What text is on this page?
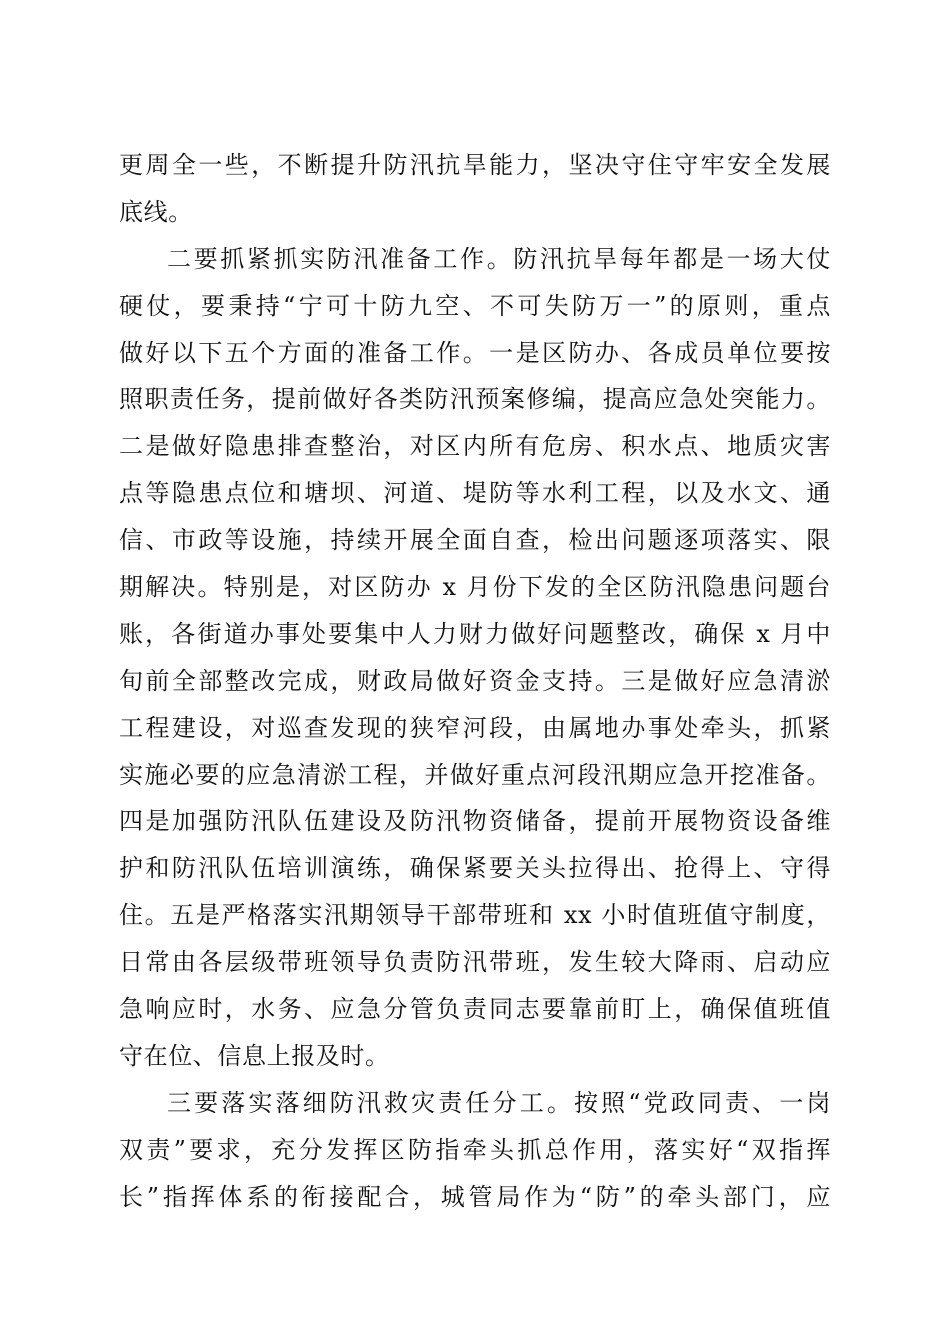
更周全一些，不断提升防汛抗旱能力，坚决守住守牢安全发展
底线。
二要抓紧抓实防汛准备工作。防汛抗旱每年都是一场大仗
硬仗，要秉持“宁可十防九空、不可失防万一”的原则，重点
做好以下五个方面的准备工作。一是区防办、各成员单位要按
照职责任务，提前做好各类防汛预案修编，提高应急处突能力。
二是做好隐患排查整治，对区内所有危房、积水点、地质灾害
点等隐患点位和塘坝、河道、堤防等水利工程，以及水文、通
信、市政等设施，持续开展全面自查，检出问题逐项落实、限
期解决。特别是，对区防办 x 月份下发的全区防汛隐患问题台
账，各街道办事处要集中人力财力做好问题整改，确保 x 月中
旬前全部整改完成，财政局做好资金支持。三是做好应急清淤
工程建设，对巡查发现的狭窄河段，由属地办事处牵头，抓紧
实施必要的应急清淤工程，并做好重点河段汛期应急开挖准备。
四是加强防汛队伍建设及防汛物资储备，提前开展物资设备维
护和防汛队伍培训演练，确保紧要关头拉得出、抢得上、守得
住。五是严格落实汛期领导干部带班和 xx 小时值班值守制度，
日常由各层级带班领导负责防汛带班，发生较大降雨、启动应
急响应时，水务、应急分管负责同志要靠前盯上，确保值班值
守在位、信息上报及时。
三要落实落细防汛救灾责任分工。按照“党政同责、一岗
双责”要求，充分发挥区防指牵头抓总作用，落实好“双指挥
长”指挥体系的衔接配合，城管局作为“防”的牵头部门，应
